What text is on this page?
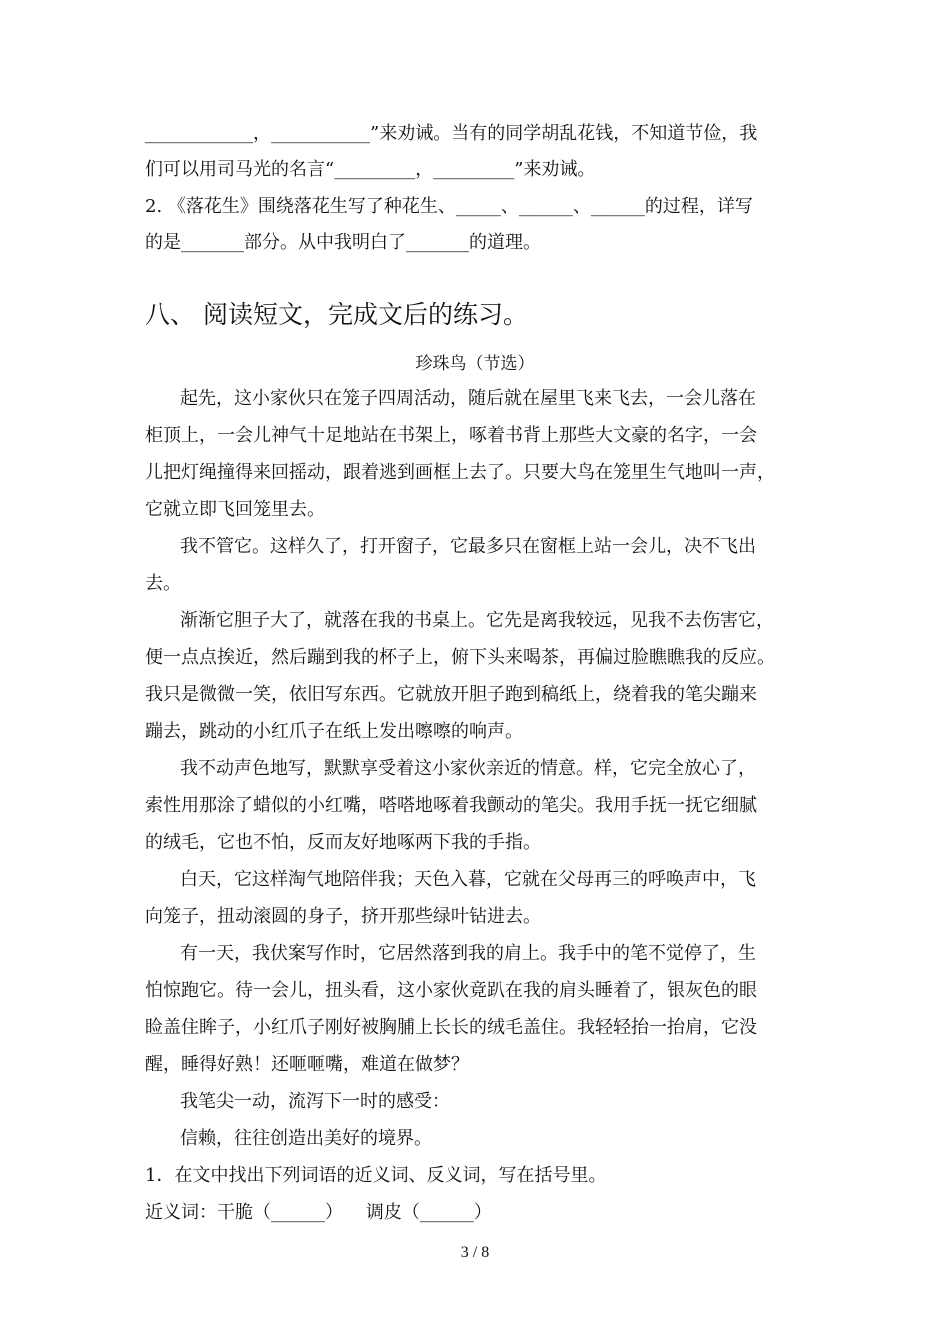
____________，___________”来劝诫。当有的同学胡乱花钱，不知道节俭，我
们可以用司马光的名言“_________，_________”来劝诫。
2. 《落花生》围绕落花生写了种花生、_____、______、______的过程，详写
的是_______部分。从中我明白了_______的道理。
八、 阅读短文，完成文后的练习。
珍珠鸟（节选）
起先，这小家伙只在笼子四周活动，随后就在屋里飞来飞去，一会儿落在
柜顶上，一会儿神气十足地站在书架上，啄着书背上那些大文豪的名字，一会
儿把灯绳撞得来回摇动，跟着逃到画框上去了。只要大鸟在笼里生气地叫一声，
它就立即飞回笼里去。
我不管它。这样久了，打开窗子，它最多只在窗框上站一会儿，决不飞出
去。
渐渐它胆子大了，就落在我的书桌上。它先是离我较远，见我不去伤害它，
便一点点挨近，然后蹦到我的杯子上，俯下头来喝茶，再偏过脸瞧瞧我的反应。
我只是微微一笑，依旧写东西。它就放开胆子跑到稿纸上，绕着我的笔尖蹦来
蹦去，跳动的小红爪子在纸上发出嚓嚓的响声。
我不动声色地写，默默享受着这小家伙亲近的情意。样，它完全放心了，
索性用那涂了蜡似的小红嘴，嗒嗒地啄着我颤动的笔尖。我用手抚一抚它细腻
的绒毛，它也不怕，反而友好地啄两下我的手指。
白天，它这样淘气地陪伴我；天色入暮，它就在父母再三的呼唤声中，飞
向笼子，扭动滚圆的身子，挤开那些绿叶钻进去。
有一天，我伏案写作时，它居然落到我的肩上。我手中的笔不觉停了，生
怕惊跑它。待一会儿，扭头看，这小家伙竟趴在我的肩头睡着了，银灰色的眼
睑盖住眸子，小红爪子刚好被胸脯上长长的绒毛盖住。我轻轻抬一抬肩，它没
醒，睡得好熟！还咂咂嘴，难道在做梦？
我笔尖一动，流泻下一时的感受：
信赖，往往创造出美好的境界。
1．在文中找出下列词语的近义词、反义词，写在括号里。
近义词：干脆（______）    调皮（______）
3 / 8
